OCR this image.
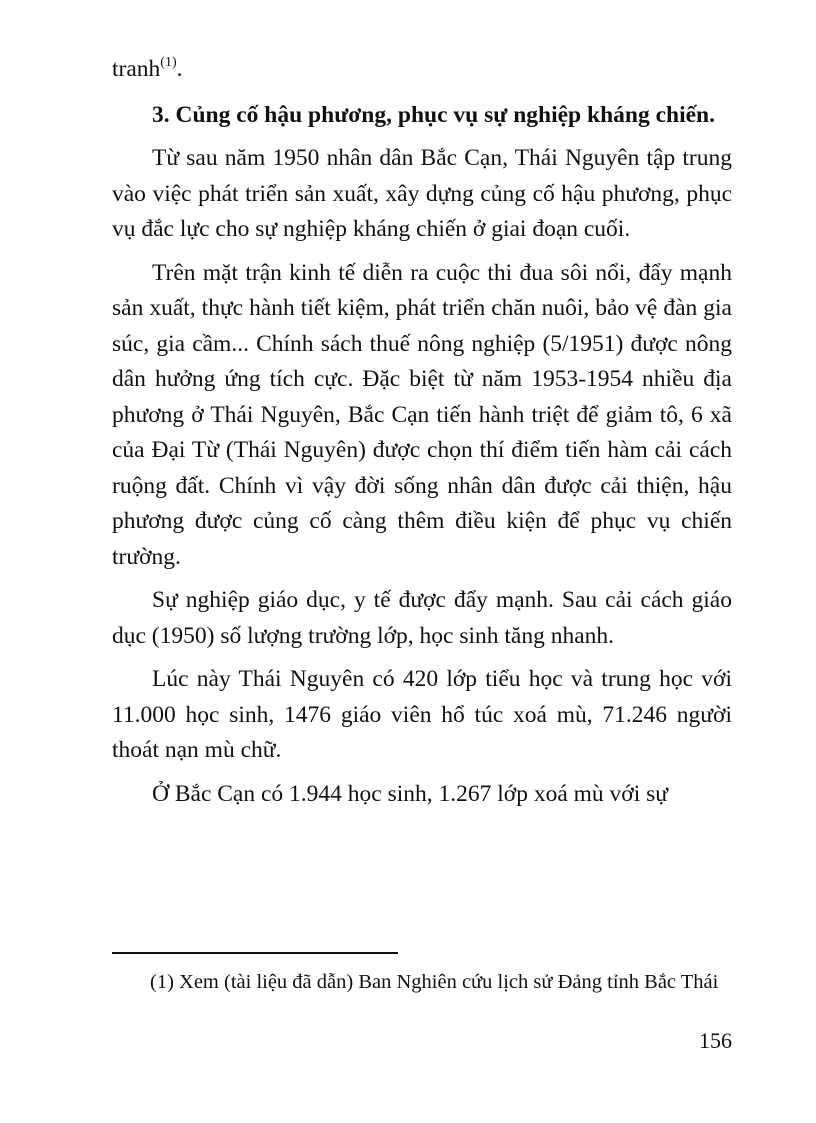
tranh$^{(1)}$.

3. Củng cố hậu phương, phục vụ sự nghiệp kháng chiến.

Từ sau năm 1950 nhân dân Bắc Cạn, Thái Nguyên tập trung vào việc phát triển sản xuất, xây dựng củng cố hậu phương, phục vụ đắc lực cho sự nghiệp kháng chiến ở giai đoạn cuối.

Trên mặt trận kinh tế diễn ra cuộc thi đua sôi nổi, đẩy mạnh sản xuất, thực hành tiết kiệm, phát triển chăn nuôi, bảo vệ đàn gia súc, gia cầm... Chính sách thuế nông nghiệp (5/1951) được nông dân hưởng ứng tích cực. Đặc biệt từ năm 1953-1954 nhiều địa phương ở Thái Nguyên, Bắc Cạn tiến hành triệt để giảm tô, 6 xã của Đại Từ (Thái Nguyên) được chọn thí điểm tiến hàm cải cách ruộng đất. Chính vì vậy đời sống nhân dân được cải thiện, hậu phương được củng cố càng thêm điều kiện để phục vụ chiến trường.

Sự nghiệp giáo dục, y tế được đẩy mạnh. Sau cải cách giáo dục (1950) số lượng trường lớp, học sinh tăng nhanh.

Lúc này Thái Nguyên có 420 lớp tiểu học và trung học với 11.000 học sinh, 1476 giáo viên hổ túc xoá mù, 71.246 người thoát nạn mù chữ.

Ở Bắc Cạn có 1.944 học sinh, 1.267 lớp xoá mù với sự

(1) Xem (tài liệu đã dẫn) Ban Nghiên cứu lịch sử Đảng tỉnh Bắc Thái

156
